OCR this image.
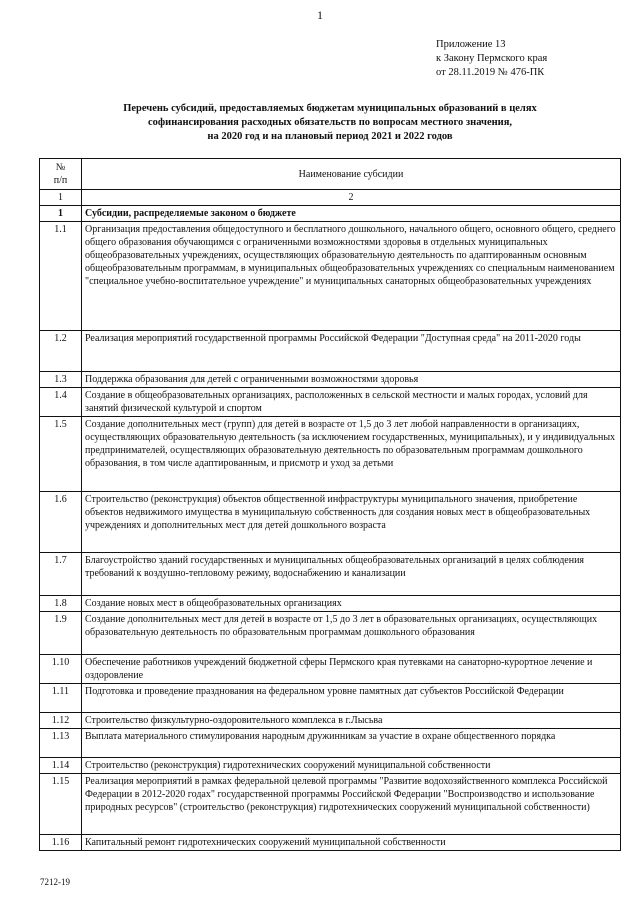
1
Приложение 13
к Закону Пермского края
от 28.11.2019 № 476-ПК
Перечень субсидий, предоставляемых бюджетам муниципальных образований в целях
софинансирования расходных обязательств по вопросам местного значения,
на 2020 год и на плановый период 2021 и 2022 годов
№
п/п	Наименование субсидии
1	2
1	Субсидии, распределяемые законом о бюджете
1.1	Организация предоставления общедоступного и бесплатного дошкольного, начального общего, основного общего, среднего общего образования обучающимся с ограниченными возможностями здоровья в отдельных муниципальных общеобразовательных учреждениях, осуществляющих образовательную деятельность по адаптированным основным общеобразовательным программам, в муниципальных общеобразовательных учреждениях со специальным наименованием "специальное учебно-воспитательное учреждение" и муниципальных санаторных общеобразовательных учреждениях
1.2	Реализация мероприятий государственной программы Российской Федерации "Доступная среда" на 2011-2020 годы
1.3	Поддержка образования для детей с ограниченными возможностями здоровья
1.4	Создание в общеобразовательных организациях, расположенных в сельской местности и малых городах, условий для занятий физической культурой и спортом
1.5	Создание дополнительных мест (групп) для детей в возрасте от 1,5 до 3 лет любой направленности в организациях, осуществляющих образовательную деятельность (за исключением государственных, муниципальных), и у индивидуальных предпринимателей, осуществляющих образовательную деятельность по образовательным программам дошкольного образования, в том числе адаптированным, и присмотр и уход за детьми
1.6	Строительство (реконструкция) объектов общественной инфраструктуры муниципального значения, приобретение объектов недвижимого имущества в муниципальную собственность для создания новых мест в общеобразовательных учреждениях и дополнительных мест для детей дошкольного возраста
1.7	Благоустройство зданий государственных и муниципальных общеобразовательных организаций в целях соблюдения требований к воздушно-тепловому режиму, водоснабжению и канализации
1.8	Создание новых мест в общеобразовательных организациях
1.9	Создание дополнительных мест для детей в возрасте от 1,5 до 3 лет в образовательных организациях, осуществляющих образовательную деятельность по образовательным программам дошкольного образования
1.10	Обеспечение работников учреждений бюджетной сферы Пермского края путевками на санаторно-курортное лечение и оздоровление
1.11	Подготовка и проведение празднования на федеральном уровне памятных дат субъектов Российской Федерации
1.12	Строительство физкультурно-оздоровительного комплекса в г.Лысьва
1.13	Выплата материального стимулирования народным дружинникам за участие в охране общественного порядка
1.14	Строительство (реконструкция) гидротехнических сооружений муниципальной собственности
1.15	Реализация мероприятий в рамках федеральной целевой программы "Развитие водохозяйственного комплекса Российской Федерации в 2012-2020 годах" государственной программы Российской Федерации "Воспроизводство и использование природных ресурсов" (строительство (реконструкция) гидротехнических сооружений муниципальной собственности)
1.16	Капитальный ремонт гидротехнических сооружений муниципальной собственности
7212-19
